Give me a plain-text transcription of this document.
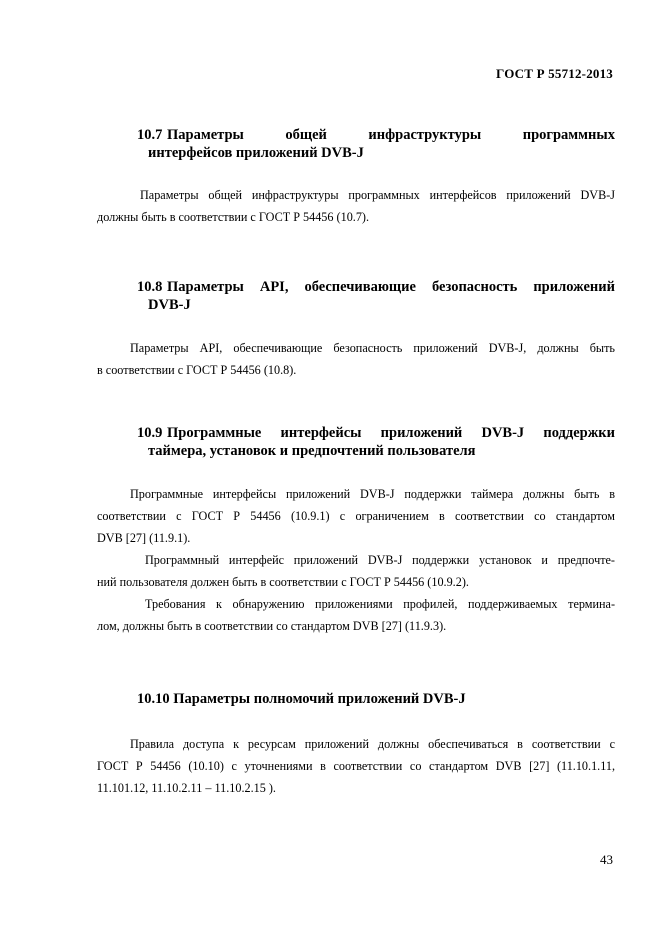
ГОСТ Р 55712-2013
10.7 Параметры	общей	инфраструктуры	программных
интерфейсов приложений DVB-J
Параметры общей инфраструктуры программных интерфейсов приложений DVB-J
должны быть в соответствии с ГОСТ Р 54456 (10.7).
10.8 Параметры API, обеспечивающие безопасность приложений
DVB-J
Параметры API, обеспечивающие безопасность приложений DVB-J, должны быть
в соответствии с ГОСТ Р 54456 (10.8).
10.9 Программные интерфейсы приложений DVB-J поддержки
таймера, установок и предпочтений пользователя
Программные интерфейсы приложений DVB-J поддержки таймера должны быть в
соответствии с ГОСТ Р 54456 (10.9.1) с ограничением в соответствии со стандартом
DVB [27] (11.9.1).
Программный интерфейс приложений DVB-J поддержки установок и предпочте-
ний пользователя должен быть в соответствии с ГОСТ Р 54456 (10.9.2).
Требования к обнаружению приложениями профилей, поддерживаемых термина-
лом, должны быть в соответствии со стандартом DVB [27] (11.9.3).
10.10 Параметры полномочий приложений DVB-J
Правила доступа к ресурсам приложений должны обеспечиваться в соответствии с
ГОСТ Р 54456 (10.10) с уточнениями в соответствии со стандартом DVB [27] (11.10.1.11,
11.101.12, 11.10.2.11 – 11.10.2.15 ).
43
